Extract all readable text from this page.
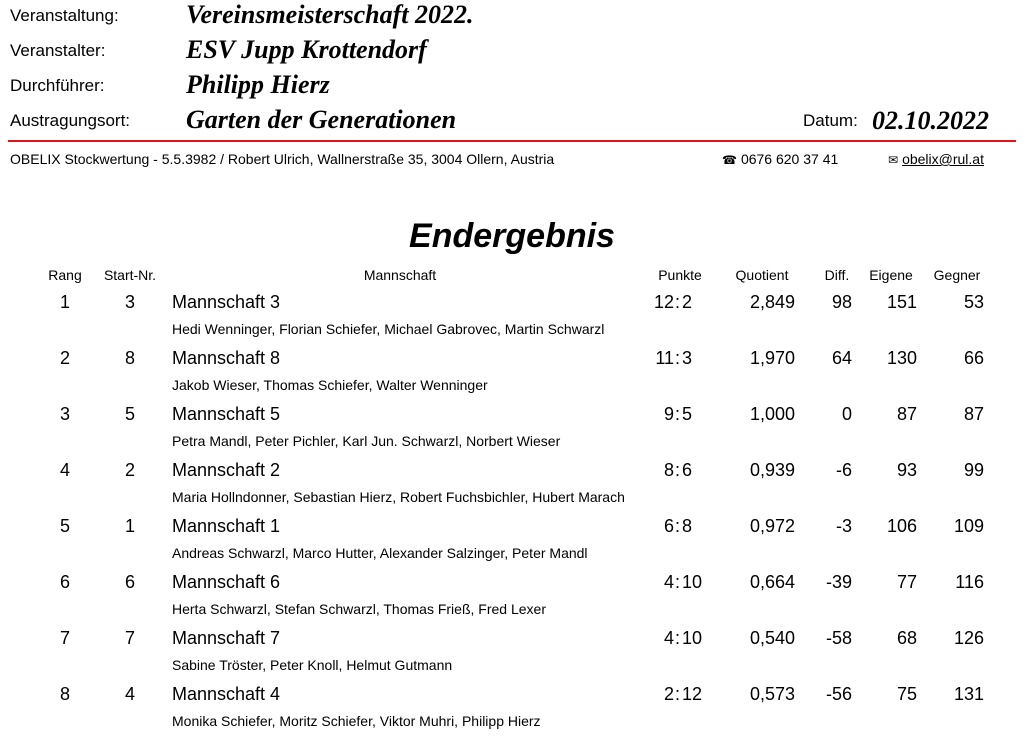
Veranstaltung:	Vereinsmeisterschaft 2022.
Veranstalter:	ESV Jupp Krottendorf
Durchführer:	Philipp Hierz
Austragungsort: Garten der Generationen	Datum: 02.10.2022
OBELIX Stockwertung - 5.5.3982 / Robert Ulrich, Wallnerstraße 35, 3004 Ollern, Austria	☎ 0676 620 37 41	✉ obelix@rul.at
Endergebnis
Rang	Start-Nr.	Mannschaft	Punkte	Quotient	Diff.	Eigene	Gegner
1	3	Mannschaft 3	12 2	2,849	98	151	53
:
Hedi Wenninger, Florian Schiefer, Michael Gabrovec, Martin Schwarzl
2	8	Mannschaft 8	11 3	1,970	64	130	66
:
Jakob Wieser, Thomas Schiefer, Walter Wenninger
3	5	Mannschaft 5	9 5	1,000	0	87	87
:
Petra Mandl, Peter Pichler, Karl Jun. Schwarzl, Norbert Wieser
4	2	Mannschaft 2	8 6	0,939	-6	93	99
:
Maria Hollndonner, Sebastian Hierz, Robert Fuchsbichler, Hubert Marach
5	1	Mannschaft 1	6 8	0,972	-3	106	109
:
Andreas Schwarzl, Marco Hutter, Alexander Salzinger, Peter Mandl
6	6	Mannschaft 6	4 10	0,664	-39	77	116
:
Herta Schwarzl, Stefan Schwarzl, Thomas Frieß, Fred Lexer
7	7	Mannschaft 7	4 10	0,540	-58	68	126
:
Sabine Tröster, Peter Knoll, Helmut Gutmann
8	4	Mannschaft 4	2 12	0,573	-56	75	131
:
Monika Schiefer, Moritz Schiefer, Viktor Muhri, Philipp Hierz
